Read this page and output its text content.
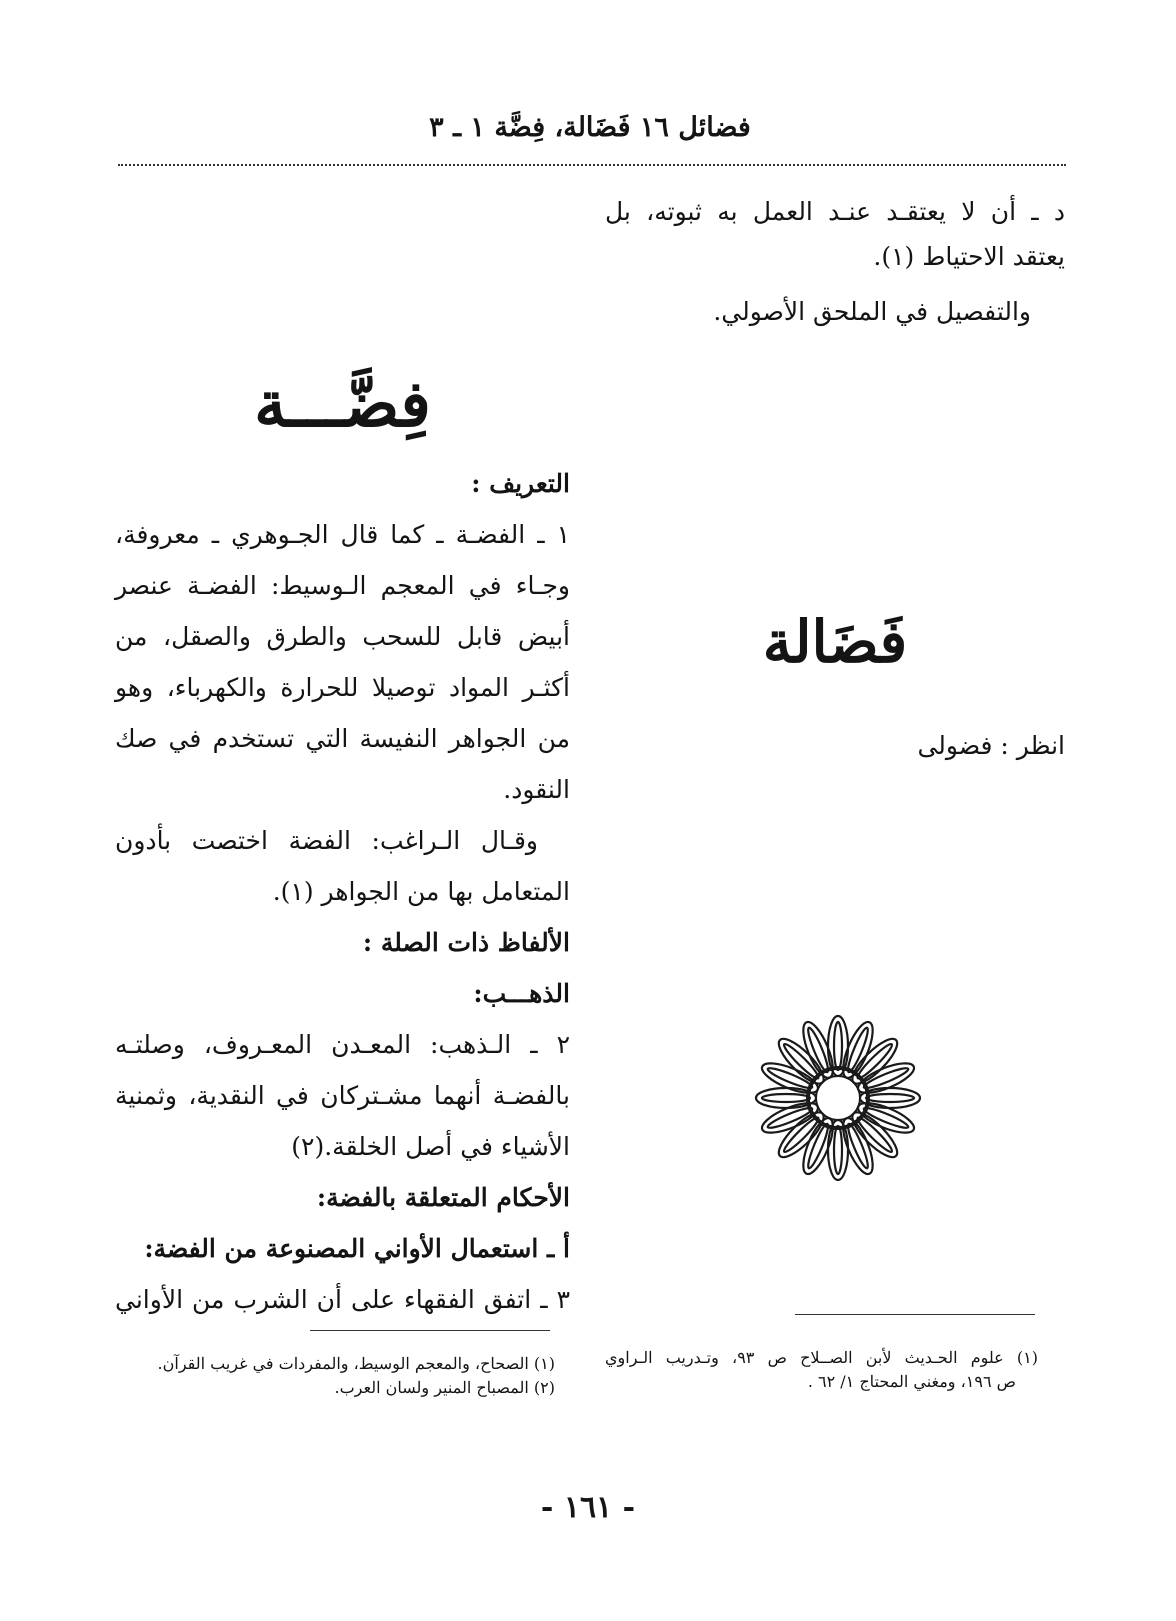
فضائل ١٦ فَضَالة، فِضَّة ١ ـ ٣
د ـ أن لا يعتقـد عنـد العمل به ثبوته، بل
يعتقد الاحتياط (١).
والتفصيل في الملحق الأصولي.
فَضَالة
انظر : فضولى
(١) علوم الحـديث لأبن الصــلاح ص ٩٣، وتـدريب الـراوي
ص ١٩٦، ومغني المحتاج ١/ ٦٢ .
فِضَّـــة
التعريف :
١ ـ الفضـة ـ كما قال الجـوهري ـ معروفة،
وجـاء في المعجم الـوسيط: الفضـة عنصر
أبيض قابل للسحب والطرق والصقل، من
أكثـر المواد توصيلا للحرارة والكهرباء، وهو
من الجواهر النفيسة التي تستخدم في صك
النقود.
وقـال الـراغب: الفضة اختصت بأدون
المتعامل بها من الجواهر (١).
الألفاظ ذات الصلة :
الذهـــب:
٢ ـ الـذهب: المعـدن المعـروف، وصلتـه
بالفضـة أنهما مشـتركان في النقدية، وثمنية
الأشياء في أصل الخلقة.(٢)
الأحكام المتعلقة بالفضة:
أ ـ استعمال الأواني المصنوعة من الفضة:
٣ ـ اتفق الفقهاء على أن الشرب من الأواني
(١) الصحاح، والمعجم الوسيط، والمفردات في غريب القرآن.
(٢) المصباح المنير ولسان العرب.
- ١٦١ -
